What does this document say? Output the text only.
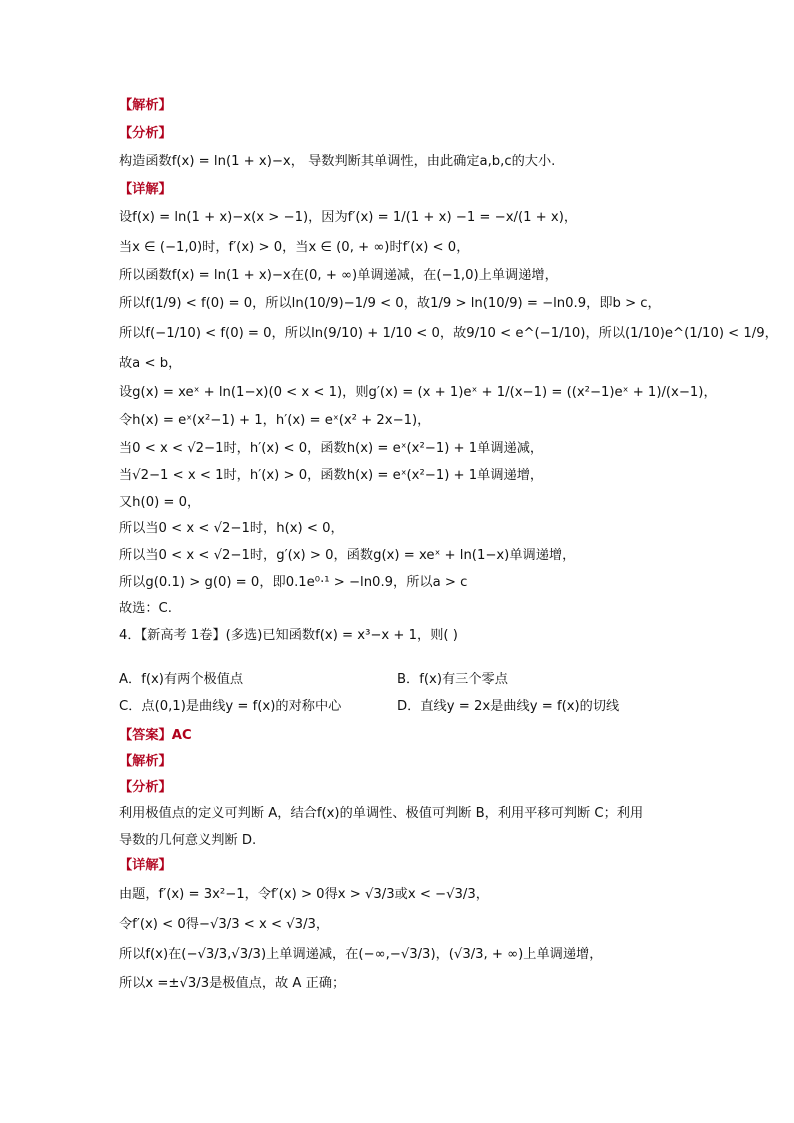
【解析】
【分析】
构造函数f(x) = ln(1 + x)−x， 导数判断其单调性，由此确定a,b,c的大小.
【详解】
设f(x) = ln(1 + x)−x(x > −1)，因为f′(x) = 1/(1 + x) −1 = −x/(1 + x)，
当x ∈ (−1,0)时，f′(x) > 0，当x ∈ (0, + ∞)时f′(x) < 0，
所以函数f(x) = ln(1 + x)−x在(0, + ∞)单调递减，在(−1,0)上单调递增，
所以f(1/9) < f(0) = 0，所以ln(10/9)−1/9 < 0，故1/9 > ln(10/9) = −ln0.9，即b > c，
所以f(−1/10) < f(0) = 0，所以ln(9/10) + 1/10 < 0，故9/10 < e^(−1/10)，所以(1/10)e^(1/10) < 1/9，
故a < b，
设g(x) = xeˣ + ln(1−x)(0 < x < 1)，则g′(x) = (x + 1)eˣ + 1/(x−1) = ((x²−1)eˣ + 1)/(x−1)，
令h(x) = eˣ(x²−1) + 1，h′(x) = eˣ(x² + 2x−1)，
当0 < x < √2−1时，h′(x) < 0，函数h(x) = eˣ(x²−1) + 1单调递减，
当√2−1 < x < 1时，h′(x) > 0，函数h(x) = eˣ(x²−1) + 1单调递增，
又h(0) = 0，
所以当0 < x < √2−1时，h(x) < 0，
所以当0 < x < √2−1时，g′(x) > 0，函数g(x) = xeˣ + ln(1−x)单调递增，
所以g(0.1) > g(0) = 0，即0.1e⁰·¹ > −ln0.9，所以a > c
故选：C.
4．【新高考 1卷】(多选)已知函数f(x) = x³−x + 1，则( )
A．f(x)有两个极值点	B．f(x)有三个零点
C．点(0,1)是曲线y = f(x)的对称中心	D．直线y = 2x是曲线y = f(x)的切线
【答案】AC
【解析】
【分析】
利用极值点的定义可判断 A，结合f(x)的单调性、极值可判断 B，利用平移可判断 C；利用
导数的几何意义判断 D.
【详解】
由题，f′(x) = 3x²−1，令f′(x) > 0得x > √3/3或x < −√3/3，
令f′(x) < 0得−√3/3 < x < √3/3，
所以f(x)在(−√3/3,√3/3)上单调递减，在(−∞,−√3/3)，(√3/3, + ∞)上单调递增，
所以x =±√3/3是极值点，故 A 正确；
